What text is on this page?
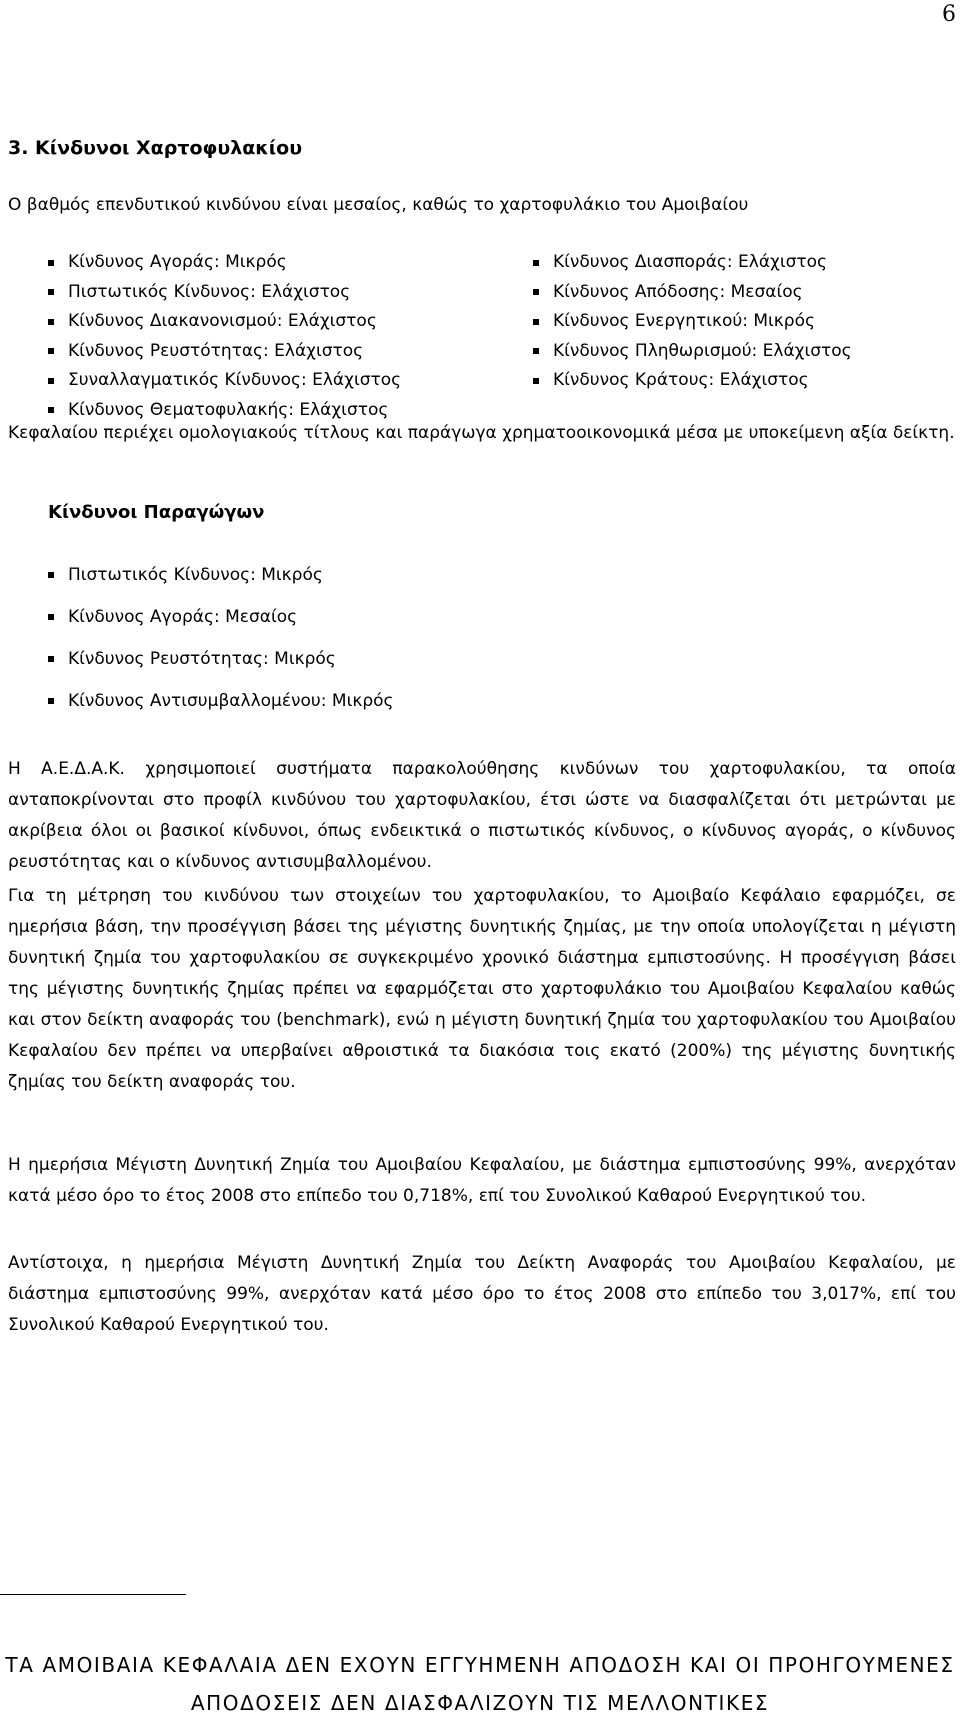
6
3. Κίνδυνοι Χαρτοφυλακίου

Ο βαθμός επενδυτικού κινδύνου είναι μεσαίος, καθώς το χαρτοφυλάκιο του Αμοιβαίου

Κίνδυνος Αγοράς: Μικρός
Πιστωτικός Κίνδυνος: Ελάχιστος
Κίνδυνος Διακανονισμού: Ελάχιστος
Κίνδυνος Ρευστότητας: Ελάχιστος
Συναλλαγματικός Κίνδυνος: Ελάχιστος
Κίνδυνος Θεματοφυλακής: Ελάχιστος
Κίνδυνος Διασποράς: Ελάχιστος
Κίνδυνος Απόδοσης: Μεσαίος
Κίνδυνος Ενεργητικού: Μικρός
Κίνδυνος Πληθωρισμού: Ελάχιστος
Κίνδυνος Κράτους: Ελάχιστος

Κεφαλαίου περιέχει ομολογιακούς τίτλους και παράγωγα χρηματοοικονομικά μέσα με υποκείμενη αξία δείκτη.

Κίνδυνοι Παραγώγων
Πιστωτικός Κίνδυνος: Μικρός
Κίνδυνος Αγοράς: Μεσαίος
Κίνδυνος Ρευστότητας: Μικρός
Κίνδυνος Αντισυμβαλλομένου: Μικρός

Η Α.Ε.Δ.Α.Κ. χρησιμοποιεί συστήματα παρακολούθησης κινδύνων του χαρτοφυλακίου, τα οποία ανταποκρίνονται στο προφίλ κινδύνου του χαρτοφυλακίου, έτσι ώστε να διασφαλίζεται ότι μετρώνται με ακρίβεια όλοι οι βασικοί κίνδυνοι, όπως ενδεικτικά ο πιστωτικός κίνδυνος, ο κίνδυνος αγοράς, ο κίνδυνος ρευστότητας και ο κίνδυνος αντισυμβαλλομένου.

Για τη μέτρηση του κινδύνου των στοιχείων του χαρτοφυλακίου, το Αμοιβαίο Κεφάλαιο εφαρμόζει, σε ημερήσια βάση, την προσέγγιση βάσει της μέγιστης δυνητικής ζημίας, με την οποία υπολογίζεται η μέγιστη δυνητική ζημία του χαρτοφυλακίου σε συγκεκριμένο χρονικό διάστημα εμπιστοσύνης. Η προσέγγιση βάσει της μέγιστης δυνητικής ζημίας πρέπει να εφαρμόζεται στο χαρτοφυλάκιο του Αμοιβαίου Κεφαλαίου καθώς και στον δείκτη αναφοράς του (benchmark), ενώ η μέγιστη δυνητική ζημία του χαρτοφυλακίου του Αμοιβαίου Κεφαλαίου δεν πρέπει να υπερβαίνει αθροιστικά τα διακόσια τοις εκατό (200%) της μέγιστης δυνητικής ζημίας του δείκτη αναφοράς του.

Η ημερήσια Μέγιστη Δυνητική Ζημία του Αμοιβαίου Κεφαλαίου, με διάστημα εμπιστοσύνης 99%, ανερχόταν κατά μέσο όρο το έτος 2008 στο επίπεδο του 0,718%, επί του Συνολικού Καθαρού Ενεργητικού του.

Αντίστοιχα, η ημερήσια Μέγιστη Δυνητική Ζημία του Δείκτη Αναφοράς του Αμοιβαίου Κεφαλαίου, με διάστημα εμπιστοσύνης 99%, ανερχόταν κατά μέσο όρο το έτος 2008 στο επίπεδο του 3,017%, επί του Συνολικού Καθαρού Ενεργητικού του.

ΤΑ ΑΜΟΙΒΑΙΑ ΚΕΦΑΛΑΙΑ ΔΕΝ ΕΧΟΥΝ ΕΓΓΥΗΜΕΝΗ ΑΠΟΔΟΣΗ ΚΑΙ ΟΙ ΠΡΟΗΓΟΥΜΕΝΕΣ ΑΠΟΔΟΣΕΙΣ ΔΕΝ ΔΙΑΣΦΑΛΙΖΟΥΝ ΤΙΣ ΜΕΛΛΟΝΤΙΚΕΣ
